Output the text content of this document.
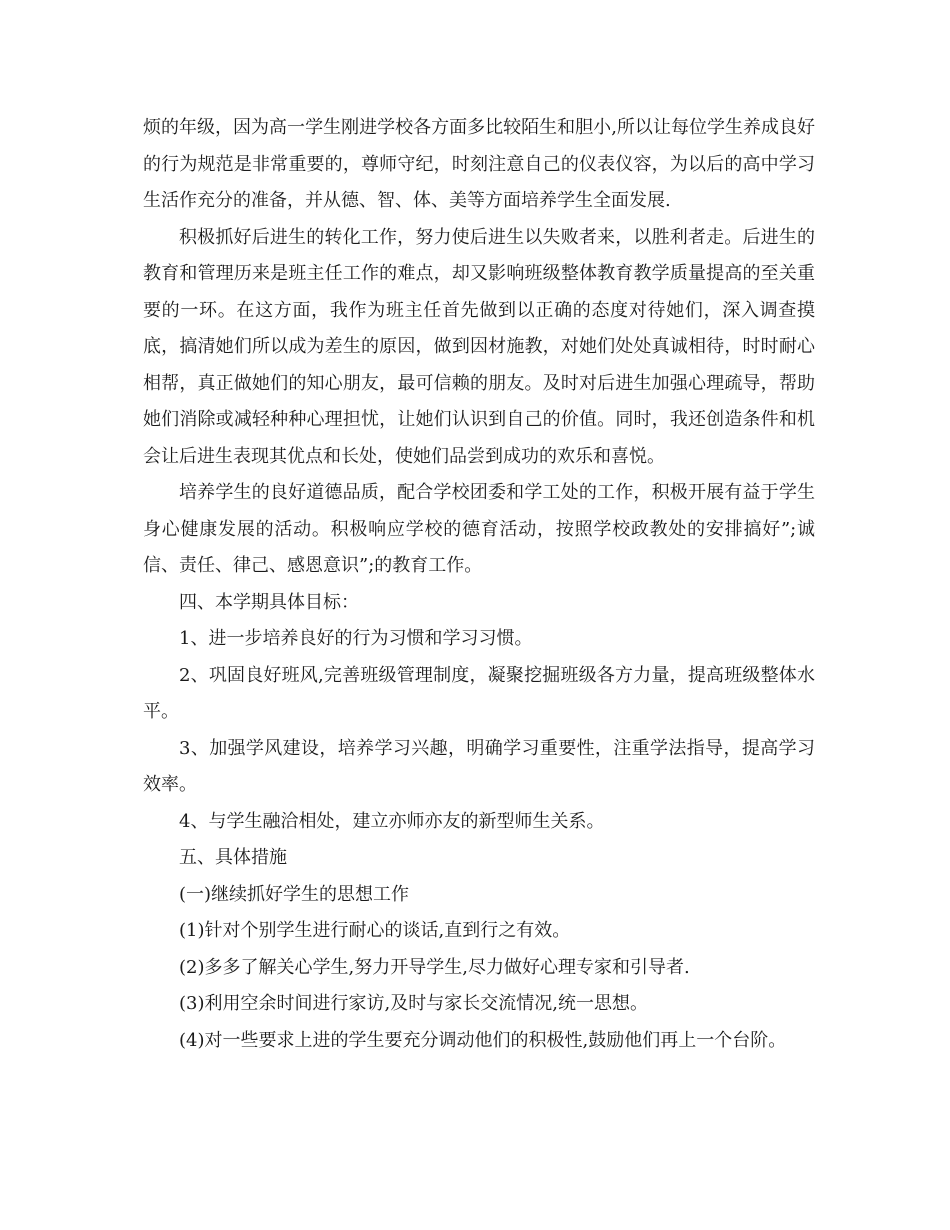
烦的年级，因为高一学生刚进学校各方面多比较陌生和胆小,所以让每位学生养成良好的行为规范是非常重要的，尊师守纪，时刻注意自己的仪表仪容，为以后的高中学习生活作充分的准备，并从德、智、体、美等方面培养学生全面发展.

积极抓好后进生的转化工作，努力使后进生以失败者来，以胜利者走。后进生的教育和管理历来是班主任工作的难点，却又影响班级整体教育教学质量提高的至关重要的一环。在这方面，我作为班主任首先做到以正确的态度对待她们，深入调查摸底，搞清她们所以成为差生的原因，做到因材施教，对她们处处真诚相待，时时耐心相帮，真正做她们的知心朋友，最可信赖的朋友。及时对后进生加强心理疏导，帮助她们消除或减轻种种心理担忧，让她们认识到自己的价值。同时，我还创造条件和机会让后进生表现其优点和长处，使她们品尝到成功的欢乐和喜悦。

培养学生的良好道德品质，配合学校团委和学工处的工作，积极开展有益于学生身心健康发展的活动。积极响应学校的德育活动，按照学校政教处的安排搞好”;诚信、责任、律己、感恩意识”;的教育工作。

四、本学期具体目标：

1、进一步培养良好的行为习惯和学习习惯。

2、巩固良好班风,完善班级管理制度，凝聚挖掘班级各方力量，提高班级整体水平。

3、加强学风建设，培养学习兴趣，明确学习重要性，注重学法指导，提高学习效率。

4、与学生融洽相处，建立亦师亦友的新型师生关系。

五、具体措施

(一)继续抓好学生的思想工作

(1)针对个别学生进行耐心的谈话,直到行之有效。

(2)多多了解关心学生,努力开导学生,尽力做好心理专家和引导者.

(3)利用空余时间进行家访,及时与家长交流情况,统一思想。

(4)对一些要求上进的学生要充分调动他们的积极性,鼓励他们再上一个台阶。
